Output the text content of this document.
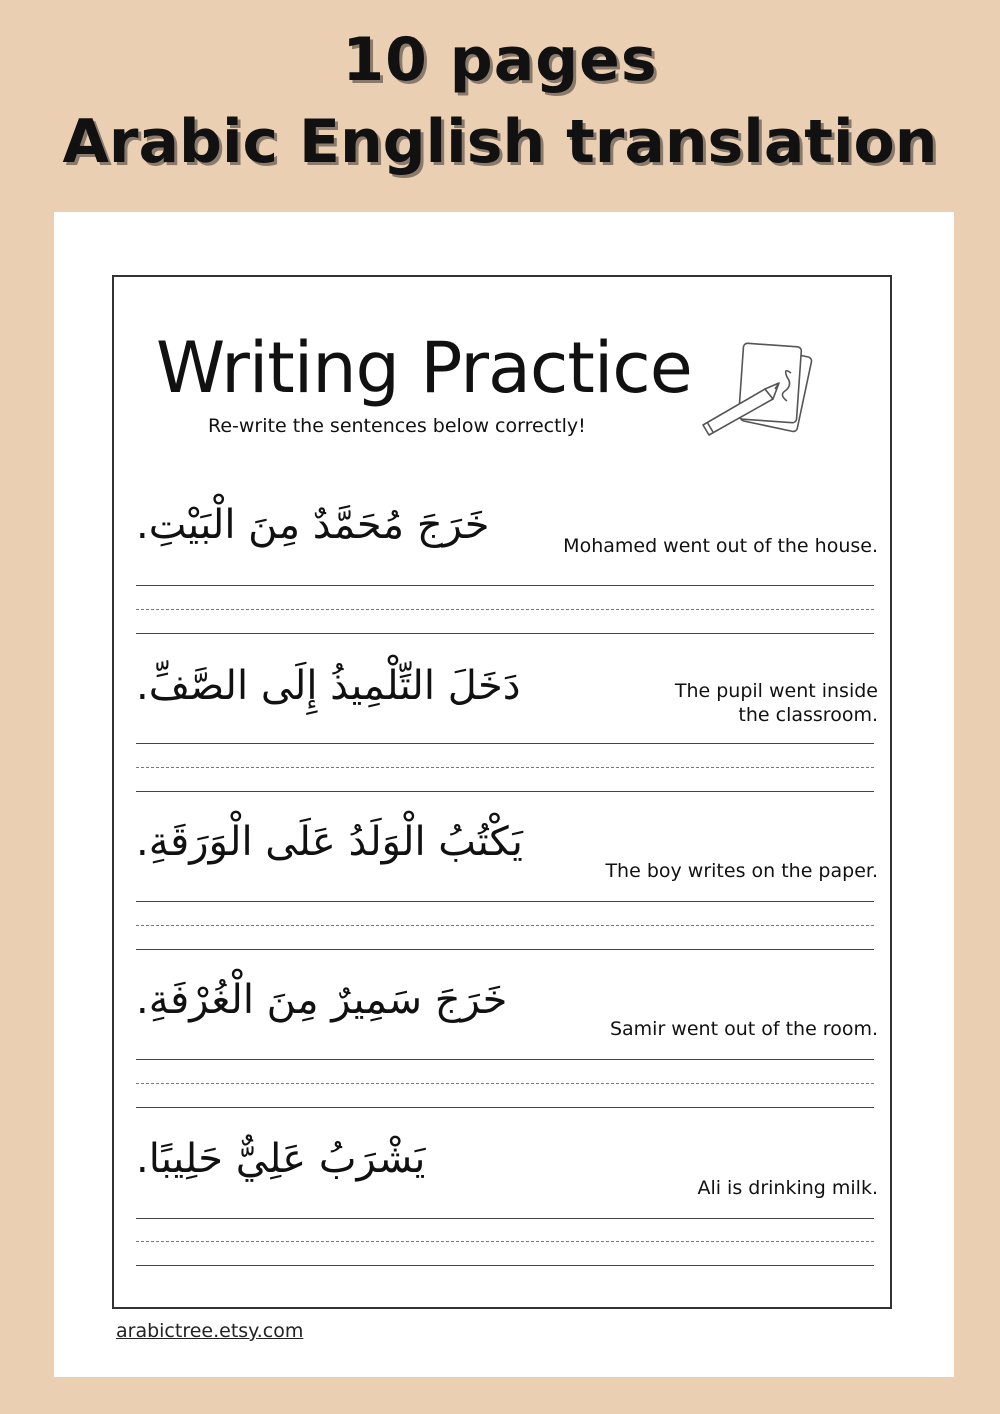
10 pages
Arabic English translation
Writing Practice
Re-write the sentences below correctly!
خَرَجَ مُحَمَّدٌ مِنَ الْبَيْتِ.	Mohamed went out of the house.
دَخَلَ التِّلْمِيذُ إِلَى الصَّفِّ.	The pupil went inside
the classroom.
يَكْتُبُ الْوَلَدُ عَلَى الْوَرَقَةِ.
The boy writes on the paper.
خَرَجَ سَمِيرٌ مِنَ الْغُرْفَةِ.
Samir went out of the room.
يَشْرَبُ عَلِيٌّ حَلِيبًا.
Ali is drinking milk.
arabictree.etsy.com
